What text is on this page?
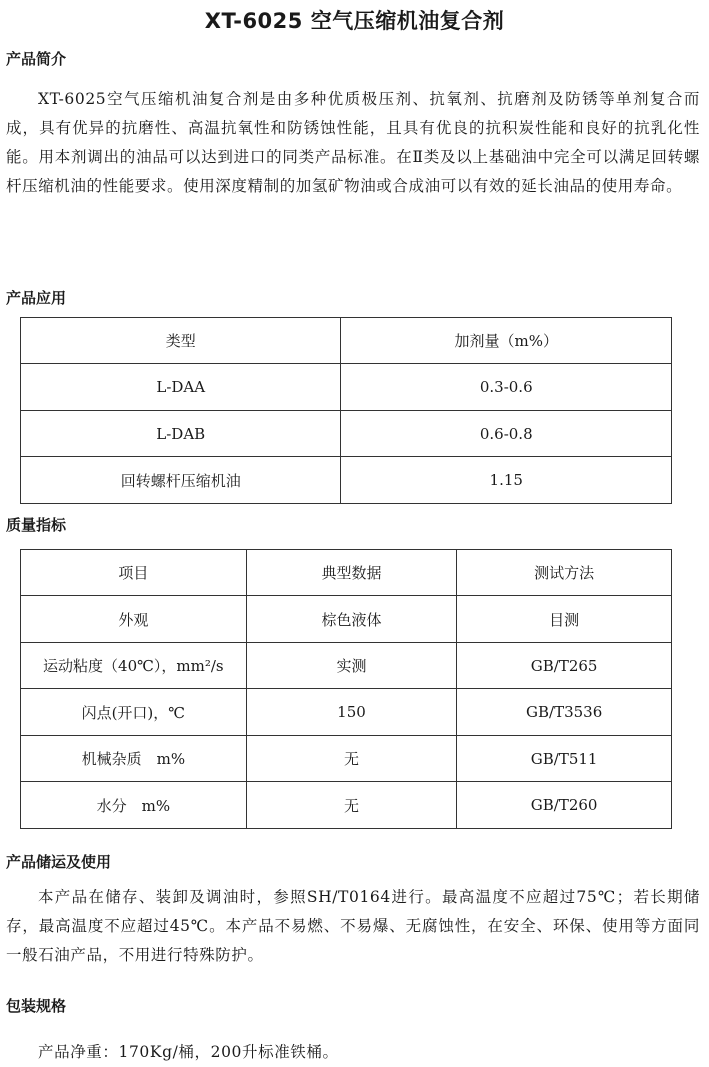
XT-6025 空气压缩机油复合剂
产品简介
XT-6025空气压缩机油复合剂是由多种优质极压剂、抗氧剂、抗磨剂及防锈等单剂复合而成，具有优异的抗磨性、高温抗氧性和防锈蚀性能，且具有优良的抗积炭性能和良好的抗乳化性能。用本剂调出的油品可以达到进口的同类产品标准。在Ⅱ类及以上基础油中完全可以满足回转螺杆压缩机油的性能要求。使用深度精制的加氢矿物油或合成油可以有效的延长油品的使用寿命。
产品应用
类型	加剂量（m%）
L-DAA	0.3-0.6
L-DAB	0.6-0.8
回转螺杆压缩机油	1.15
质量指标
项目	典型数据	测试方法
外观	棕色液体	目测
运动粘度（40℃），mm²/s	实测	GB/T265
闪点(开口)，℃	150	GB/T3536
机械杂质　m%	无	GB/T511
水分　m%	无	GB/T260
产品储运及使用
本产品在储存、装卸及调油时，参照SH/T0164进行。最高温度不应超过75℃；若长期储存，最高温度不应超过45℃。本产品不易燃、不易爆、无腐蚀性，在安全、环保、使用等方面同一般石油产品，不用进行特殊防护。
包装规格
产品净重：170Kg/桶，200升标准铁桶。
